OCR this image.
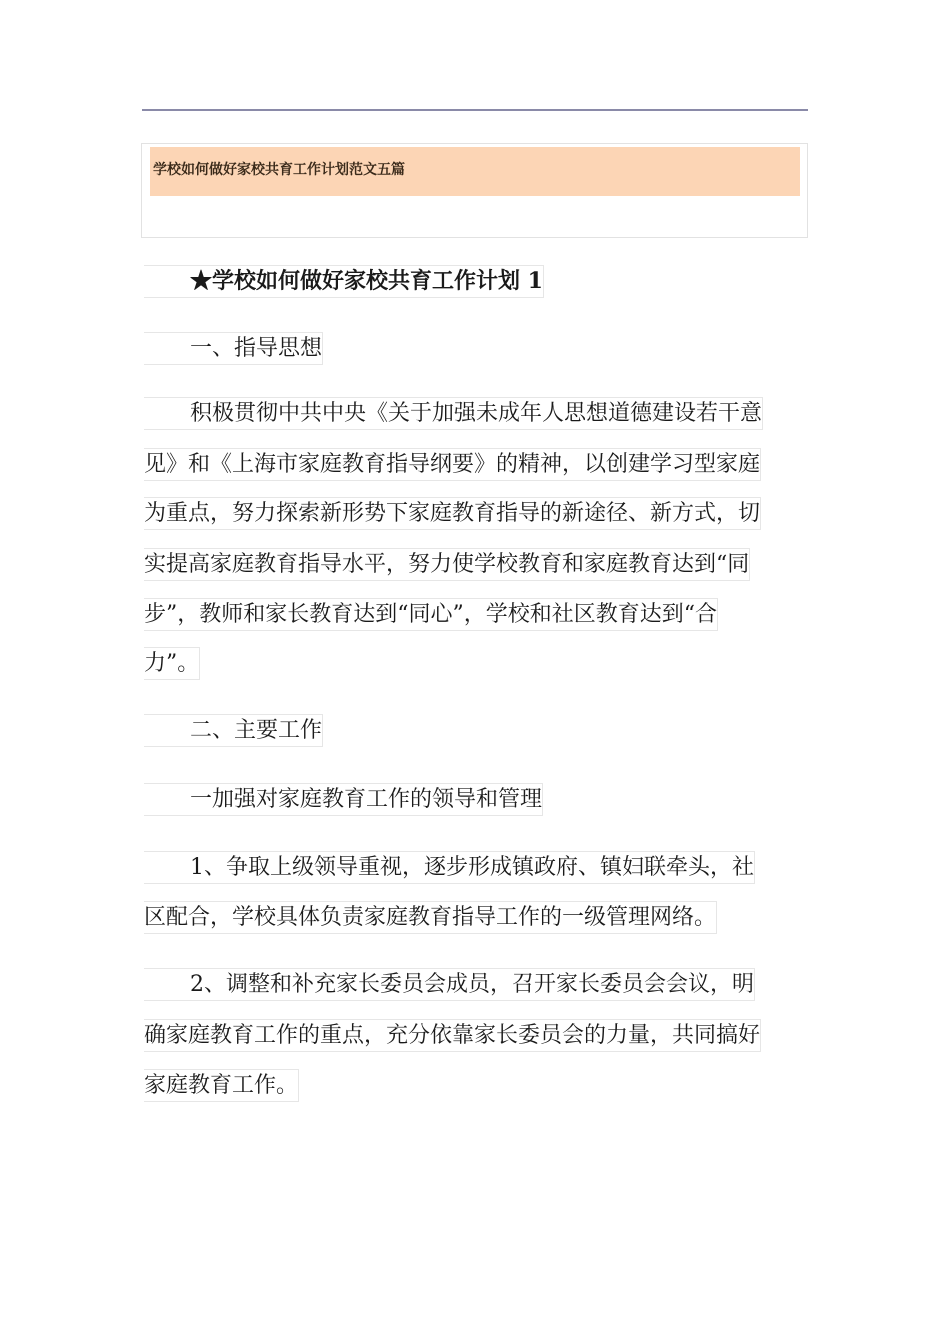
学校如何做好家校共育工作计划范文五篇
★学校如何做好家校共育工作计划 1
一、指导思想
积极贯彻中共中央《关于加强未成年人思想道德建设若干意
见》和《上海市家庭教育指导纲要》的精神，以创建学习型家庭
为重点，努力探索新形势下家庭教育指导的新途径、新方式，切
实提高家庭教育指导水平，努力使学校教育和家庭教育达到“同
步”，教师和家长教育达到“同心”，学校和社区教育达到“合
力”。
二、主要工作
一加强对家庭教育工作的领导和管理
1、争取上级领导重视，逐步形成镇政府、镇妇联牵头，社
区配合，学校具体负责家庭教育指导工作的一级管理网络。
2、调整和补充家长委员会成员，召开家长委员会会议，明
确家庭教育工作的重点，充分依靠家长委员会的力量，共同搞好
家庭教育工作。
